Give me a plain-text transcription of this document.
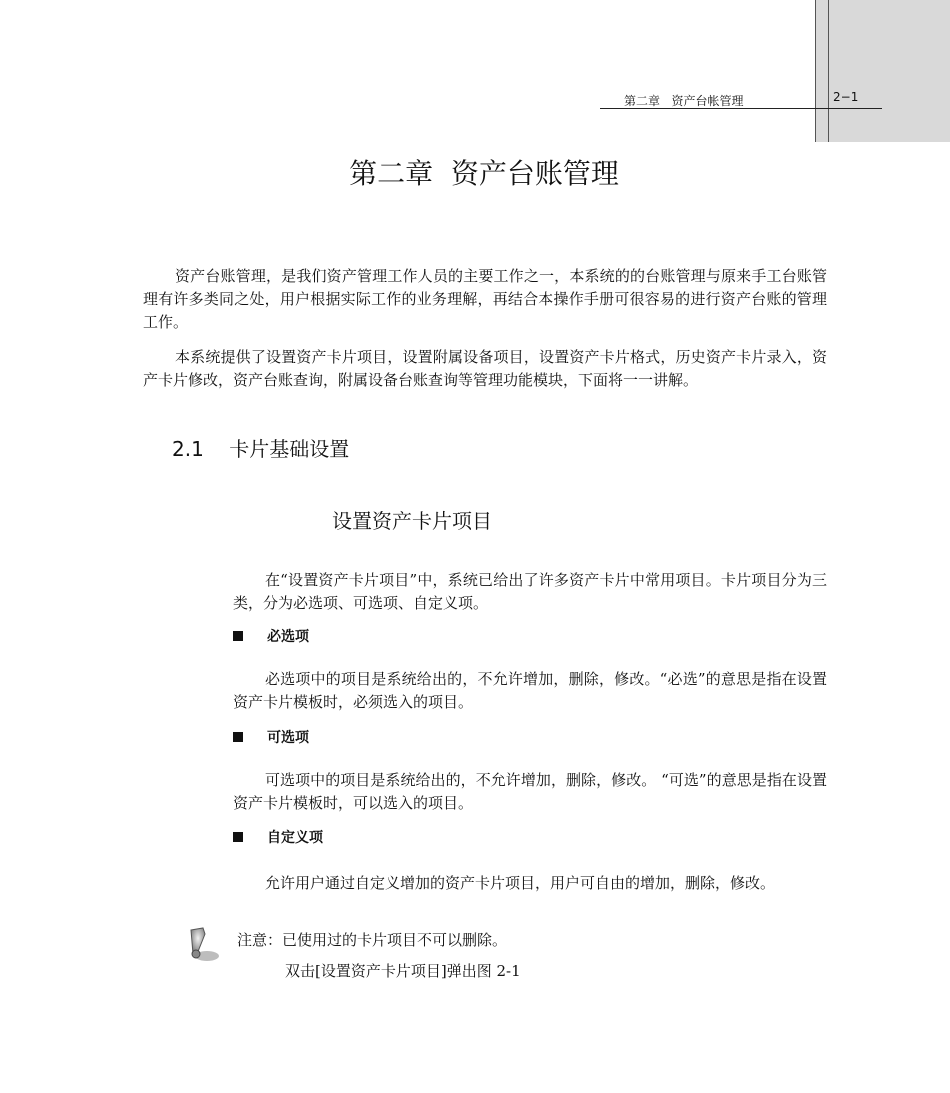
第二章   资产台帐管理	2−1
第二章  资产台账管理

资产台账管理，是我们资产管理工作人员的主要工作之一，本系统的的台账管理与原来手工台账管理有许多类同之处，用户根据实际工作的业务理解，再结合本操作手册可很容易的进行资产台账的管理工作。

本系统提供了设置资产卡片项目，设置附属设备项目，设置资产卡片格式，历史资产卡片录入，资产卡片修改，资产台账查询，附属设备台账查询等管理功能模块，下面将一一讲解。

2.1    卡片基础设置
设置资产卡片项目

在“设置资产卡片项目”中，系统已给出了许多资产卡片中常用项目。卡片项目分为三类，分为必选项、可选项、自定义项。

必选项

必选项中的项目是系统给出的，不允许增加，删除，修改。“必选”的意思是指在设置资产卡片模板时，必须选入的项目。

可选项

可选项中的项目是系统给出的，不允许增加，删除，修改。 “可选”的意思是指在设置资产卡片模板时，可以选入的项目。

自定义项

允许用户通过自定义增加的资产卡片项目，用户可自由的增加，删除，修改。

注意：已使用过的卡片项目不可以删除。
双击[设置资产卡片项目]弹出图 2-1
